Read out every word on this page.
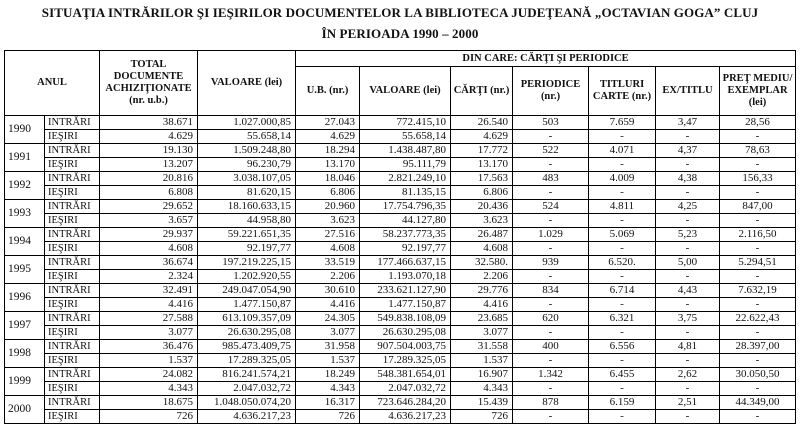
SITUAŢIA INTRĂRILOR ŞI IEŞIRILOR DOCUMENTELOR LA BIBLIOTECA JUDEŢEANĂ „OCTAVIAN GOGA” CLUJ
ÎN PERIOADA 1990 – 2000
ANUL		TOTAL DOCUMENTE ACHIZIŢIONATE (nr. u.b.)	VALOARE (lei)	DIN CARE: CĂRŢI ŞI PERIODICE						
				U.B. (nr.)	VALOARE (lei)	CĂRŢI (nr.)	PERIODICE (nr.)	TITLURI CARTE (nr.)	EX/TITLU	PREŢ MEDIU/ EXEMPLAR (lei)
1990	INTRĂRI	38.671	1.027.000,85	27.043	772.415,10	26.540	503	7.659	3,47	28,56
	IEŞIRI	4.629	55.658,14	4.629	55.658,14	4.629	-	-	-	-
1991	INTRĂRI	19.130	1.509.248,80	18.294	1.438.487,80	17.772	522	4.071	4,37	78,63
	IEŞIRI	13.207	96.230,79	13.170	95.111,79	13.170	-	-	-	-
1992	INTRĂRI	20.816	3.038.107,05	18.046	2.821.249,10	17.563	483	4.009	4,38	156,33
	IEŞIRI	6.808	81.620,15	6.806	81.135,15	6.806	-	-	-	-
1993	INTRĂRI	29.652	18.160.633,15	20.960	17.754.796,35	20.436	524	4.811	4,25	847,00
	IEŞIRI	3.657	44.958,80	3.623	44.127,80	3.623	-	-	-	-
1994	INTRĂRI	29.937	59.221.651,35	27.516	58.237.773,35	26.487	1.029	5.069	5,23	2.116,50
	IEŞIRI	4.608	92.197,77	4.608	92.197,77	4.608	-	-	-	-
1995	INTRĂRI	36.674	197.219.225,15	33.519	177.466.637,15	32.580.	939	6.520.	5,00	5.294,51
	IEŞIRI	2.324	1.202.920,55	2.206	1.193.070,18	2.206	-	-	-	-
1996	INTRĂRI	32.491	249.047.054,90	30.610	233.621.127,90	29.776	834	6.714	4,43	7.632,19
	IEŞIRI	4.416	1.477.150,87	4.416	1.477.150,87	4.416	-	-	-	-
1997	INTRĂRI	27.588	613.109.357,09	24.305	549.838.108,09	23.685	620	6.321	3,75	22.622,43
	IEŞIRI	3.077	26.630.295,08	3.077	26.630.295,08	3.077	-	-	-	-
1998	INTRĂRI	36.476	985.473.409,75	31.958	907.504.003,75	31.558	400	6.556	4,81	28.397,00
	IEŞIRI	1.537	17.289.325,05	1.537	17.289.325,05	1.537	-	-	-	-
1999	INTRĂRI	24.082	816.241.574,21	18.249	548.381.654,01	16.907	1.342	6.455	2,62	30.050,50
	IEŞIRI	4.343	2.047.032,72	4.343	2.047.032,72	4.343	-	-	-	-
2000	INTRĂRI	18.675	1.048.050.074,20	16.317	723.646.284,20	15.439	878	6.159	2,51	44.349,00
	IEŞIRI	726	4.636.217,23	726	4.636.217,23	726	-	-	-	-
